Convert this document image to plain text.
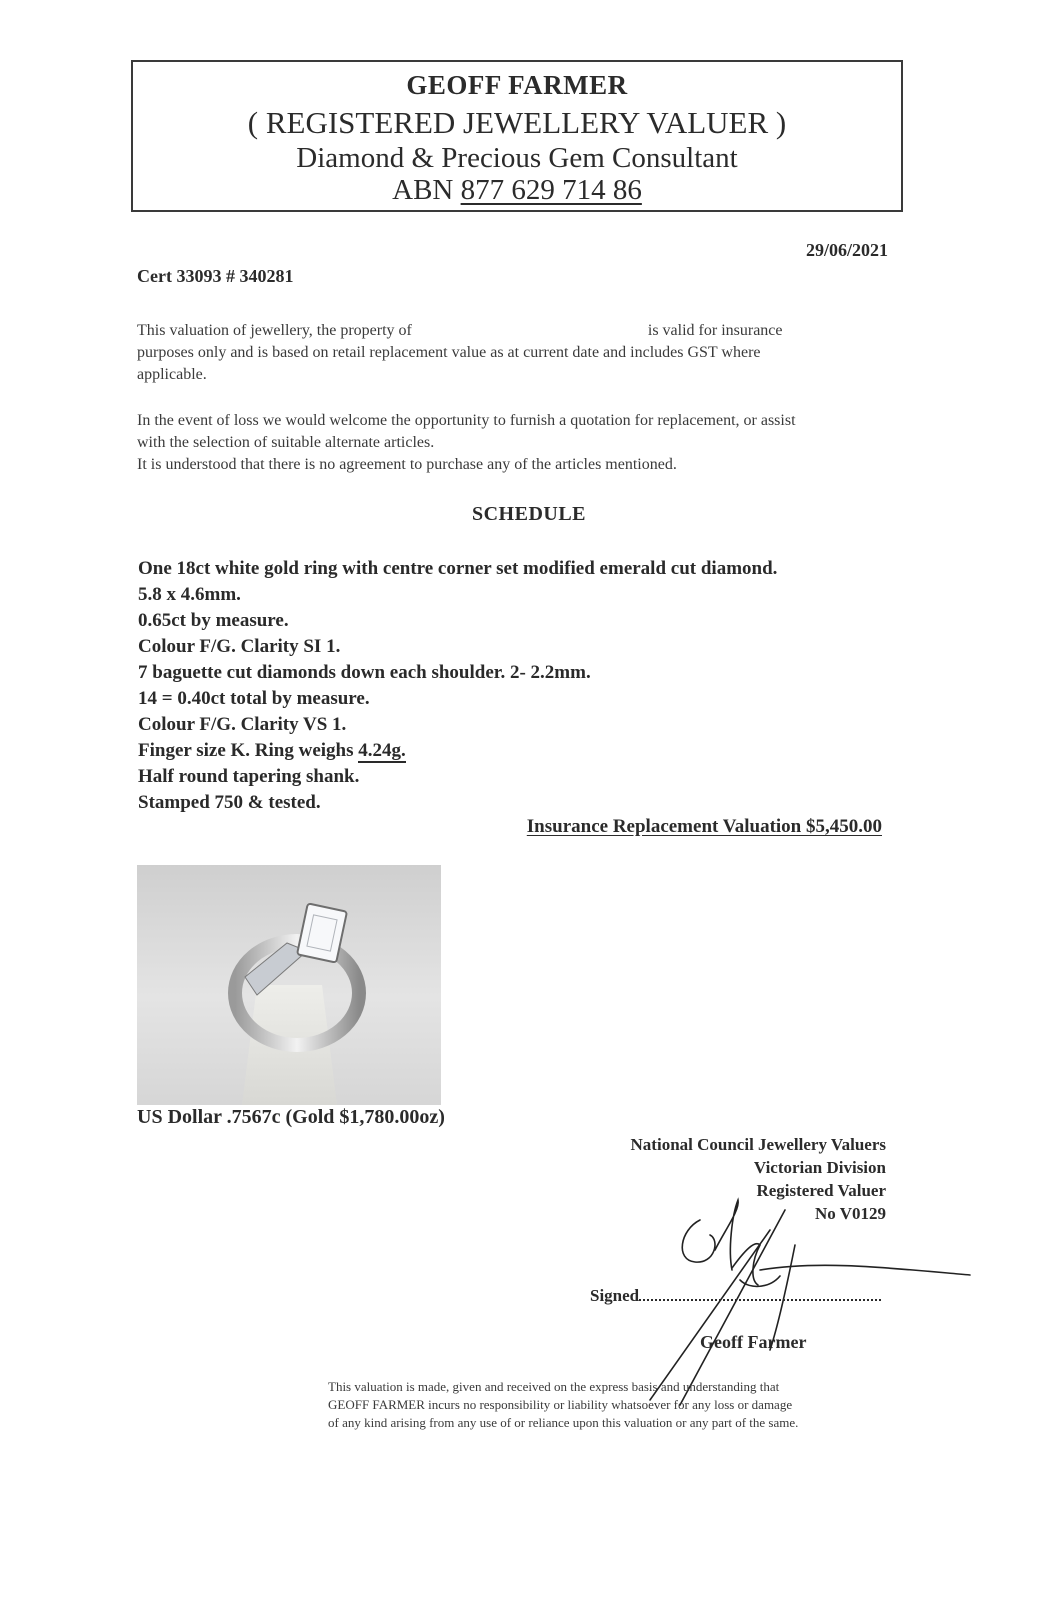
GEOFF FARMER
( REGISTERED JEWELLERY VALUER )
Diamond & Precious Gem Consultant
ABN 877 629 714 86
29/06/2021
Cert 33093 # 340281
This valuation of jewellery, the property of	is valid for insurance
purposes only and is based on retail replacement value as at current date and includes GST where
applicable.
In the event of loss we would welcome the opportunity to furnish a quotation for replacement, or assist
with the selection of suitable alternate articles.
It is understood that there is no agreement to purchase any of the articles mentioned.
SCHEDULE
One 18ct white gold ring with centre corner set modified emerald cut diamond.
5.8 x 4.6mm.
0.65ct by measure.
Colour F/G. Clarity SI 1.
7 baguette cut diamonds down each shoulder. 2- 2.2mm.
14 = 0.40ct total by measure.
Colour F/G. Clarity VS 1.
Finger size K. Ring weighs 4.24g.
Half round tapering shank.
Stamped 750 & tested.
Insurance Replacement Valuation $5,450.00
US Dollar .7567c (Gold $1,780.00oz)
National Council Jewellery Valuers
Victorian Division
Registered Valuer
No V0129
Signed
Geoff Farmer
This valuation is made, given and received on the express basis and understanding that
GEOFF FARMER incurs no responsibility or liability whatsoever for any loss or damage
of any kind arising from any use of or reliance upon this valuation or any part of the same.
